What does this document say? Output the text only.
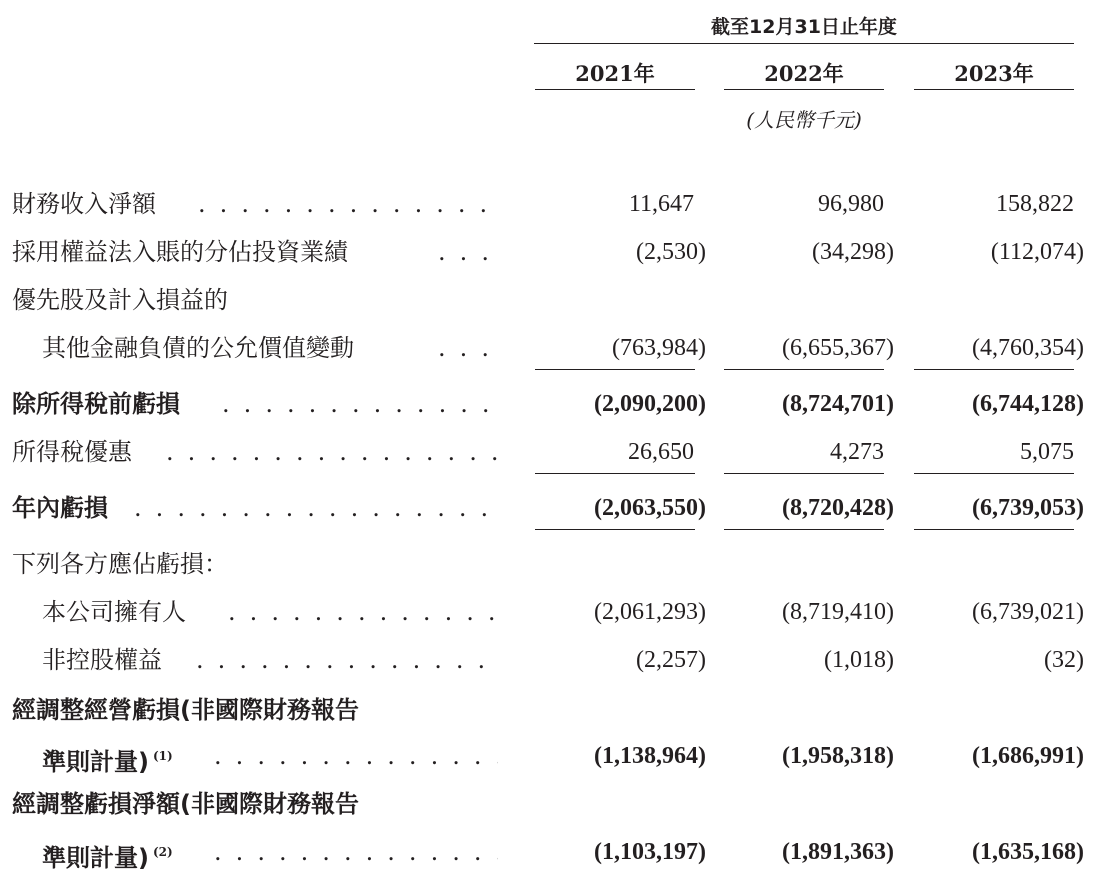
截至12月31日止年度
2021年	2022年	2023年
(人民幣千元)
財務收入淨額 . . .	11,647	96,980	158,822
採用權益法入賬的分佔投資業績 . . .	(2,530)	(34,298)	(112,074)
優先股及計入損益的
其他金融負債的公允價值變動 . . .	(763,984)	(6,655,367)	(4,760,354)
除所得稅前虧損 . . .	(2,090,200)	(8,724,701)	(6,744,128)
所得稅優惠 . . .	26,650	4,273	5,075
年內虧損 . . .	(2,063,550)	(8,720,428)	(6,739,053)
下列各方應佔虧損：
本公司擁有人 . . .	(2,061,293)	(8,719,410)	(6,739,021)
非控股權益 . . .	(2,257)	(1,018)	(32)
經調整經營虧損(非國際財務報告
準則計量) $^{(1)}$ . . .	(1,138,964)	(1,958,318)	(1,686,991)
經調整虧損淨額(非國際財務報告
準則計量) $^{(2)}$ . . .	(1,103,197)	(1,891,363)	(1,635,168)
